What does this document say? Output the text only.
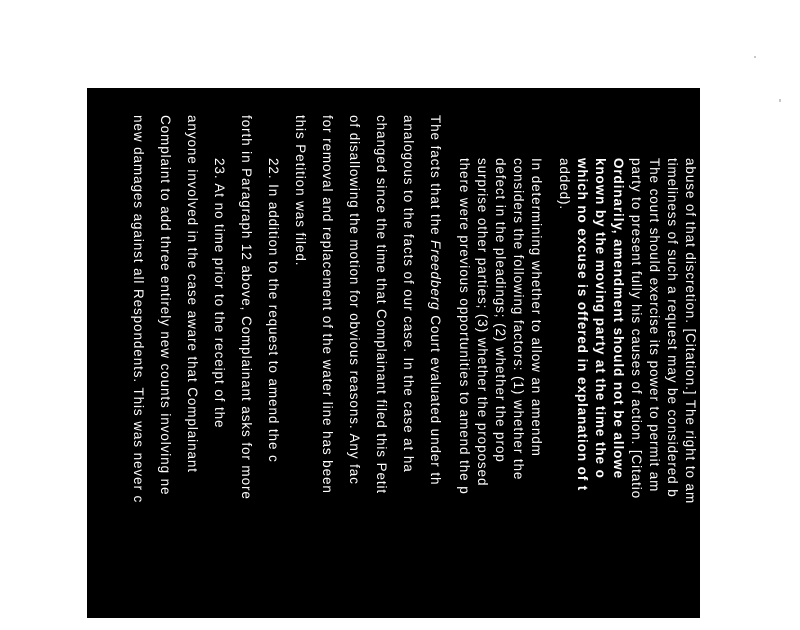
The Appellate Court in Freedberg v. Ohio National, 2012
the appropriate standard as follows:
"The decision whether to allow a party to am
discretion of the trial court; such a decision will n
abuse of that discretion. [Citation.] The right to am
timeliness of such a request may be considered b
The court should exercise its power to permit am
party to present fully his causes of action. [Citatio
Ordinarily, amendment should not be allowe
known by the moving party at the time the o
which no excuse is offered in explanation of t
added).
In determining whether to allow an amendm
considers the following factors: (1) whether the
defect in the pleadings; (2) whether the prop
surprise other parties; (3) whether the proposed
there were previous opportunities to amend the p
The facts that the Freedberg Court evaluated under th
analogous to the facts of our case. In the case at ha
changed since the time that Complainant filed this Petit
of disallowing the motion for obvious reasons. Any fac
for removal and replacement of the water line has been
this Petition was filed.
22. In addition to the request to amend the c
forth in Paragraph 12 above, Complainant asks for more
23. At no time prior to the receipt of the
anyone involved in the case aware that Complainant
Complaint to add three entirely new counts involving ne
new damages against all Respondents. This was never c
7
